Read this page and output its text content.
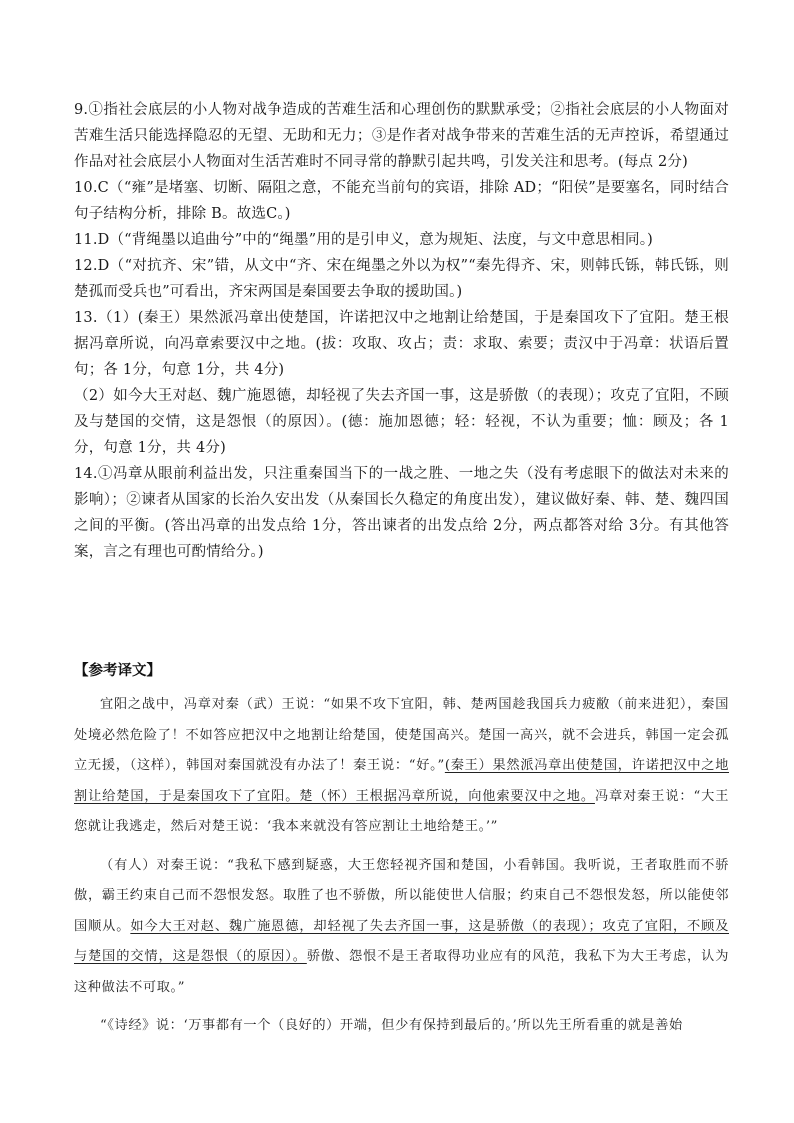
9.①指社会底层的小人物对战争造成的苦难生活和心理创伤的默默承受；②指社会底层的小人物面对苦难生活只能选择隐忍的无望、无助和无力；③是作者对战争带来的苦难生活的无声控诉，希望通过作品对社会底层小人物面对生活苦难时不同寻常的静默引起共鸣，引发关注和思考。(每点 2分)

10.C（“雍”是堵塞、切断、隔阻之意，不能充当前句的宾语，排除 AD；“阳侯”是要塞名，同时结合句子结构分析，排除 B。故选C。)

11.D（“背绳墨以追曲兮”中的“绳墨”用的是引申义，意为规矩、法度，与文中意思相同。)

12.D（“对抗齐、宋”错，从文中“齐、宋在绳墨之外以为权”“秦先得齐、宋，则韩氏铄，韩氏铄，则楚孤而受兵也”可看出，齐宋两国是秦国要去争取的援助国。)

13.（1）(秦王）果然派冯章出使楚国，许诺把汉中之地割让给楚国，于是秦国攻下了宜阳。楚王根据冯章所说，向冯章索要汉中之地。(拔：攻取、攻占；责：求取、索要；责汉中于冯章：状语后置句；各 1分，句意 1分，共 4分)

（2）如今大王对赵、魏广施恩德，却轻视了失去齐国一事，这是骄傲（的表现）；攻克了宜阳，不顾及与楚国的交情，这是怨恨（的原因）。(德：施加恩德；轻：轻视，不认为重要；恤：顾及；各 1分，句意 1分，共 4分)

14.①冯章从眼前利益出发，只注重秦国当下的一战之胜、一地之失（没有考虑眼下的做法对未来的影响）；②谏者从国家的长治久安出发（从秦国长久稳定的角度出发），建议做好秦、韩、楚、魏四国之间的平衡。(答出冯章的出发点给 1分，答出谏者的出发点给 2分，两点都答对给 3分。有其他答案，言之有理也可酌情给分。)

【参考译文】

宜阳之战中，冯章对秦（武）王说：“如果不攻下宜阳，韩、楚两国趁我国兵力疲敝（前来进犯），秦国处境必然危险了！不如答应把汉中之地割让给楚国，使楚国高兴。楚国一高兴，就不会进兵，韩国一定会孤立无援，（这样），韩国对秦国就没有办法了！秦王说：“好。”(秦王）果然派冯章出使楚国，许诺把汉中之地割让给楚国，于是秦国攻下了宜阳。楚（怀）王根据冯章所说，向他索要汉中之地。冯章对秦王说：“大王您就让我逃走，然后对楚王说：‘我本来就没有答应割让土地给楚王。’”

（有人）对秦王说：“我私下感到疑惑，大王您轻视齐国和楚国，小看韩国。我听说，王者取胜而不骄傲，霸王约束自己而不怨恨发怒。取胜了也不骄傲，所以能使世人信服；约束自己不怨恨发怒，所以能使邻国顺从。如今大王对赵、魏广施恩德，却轻视了失去齐国一事，这是骄傲（的表现）；攻克了宜阳，不顾及与楚国的交情，这是怨恨（的原因）。骄傲、怨恨不是王者取得功业应有的风范，我私下为大王考虑，认为这种做法不可取。”

“《诗经》说：‘万事都有一个（良好的）开端，但少有保持到最后的。’所以先王所看重的就是善始
